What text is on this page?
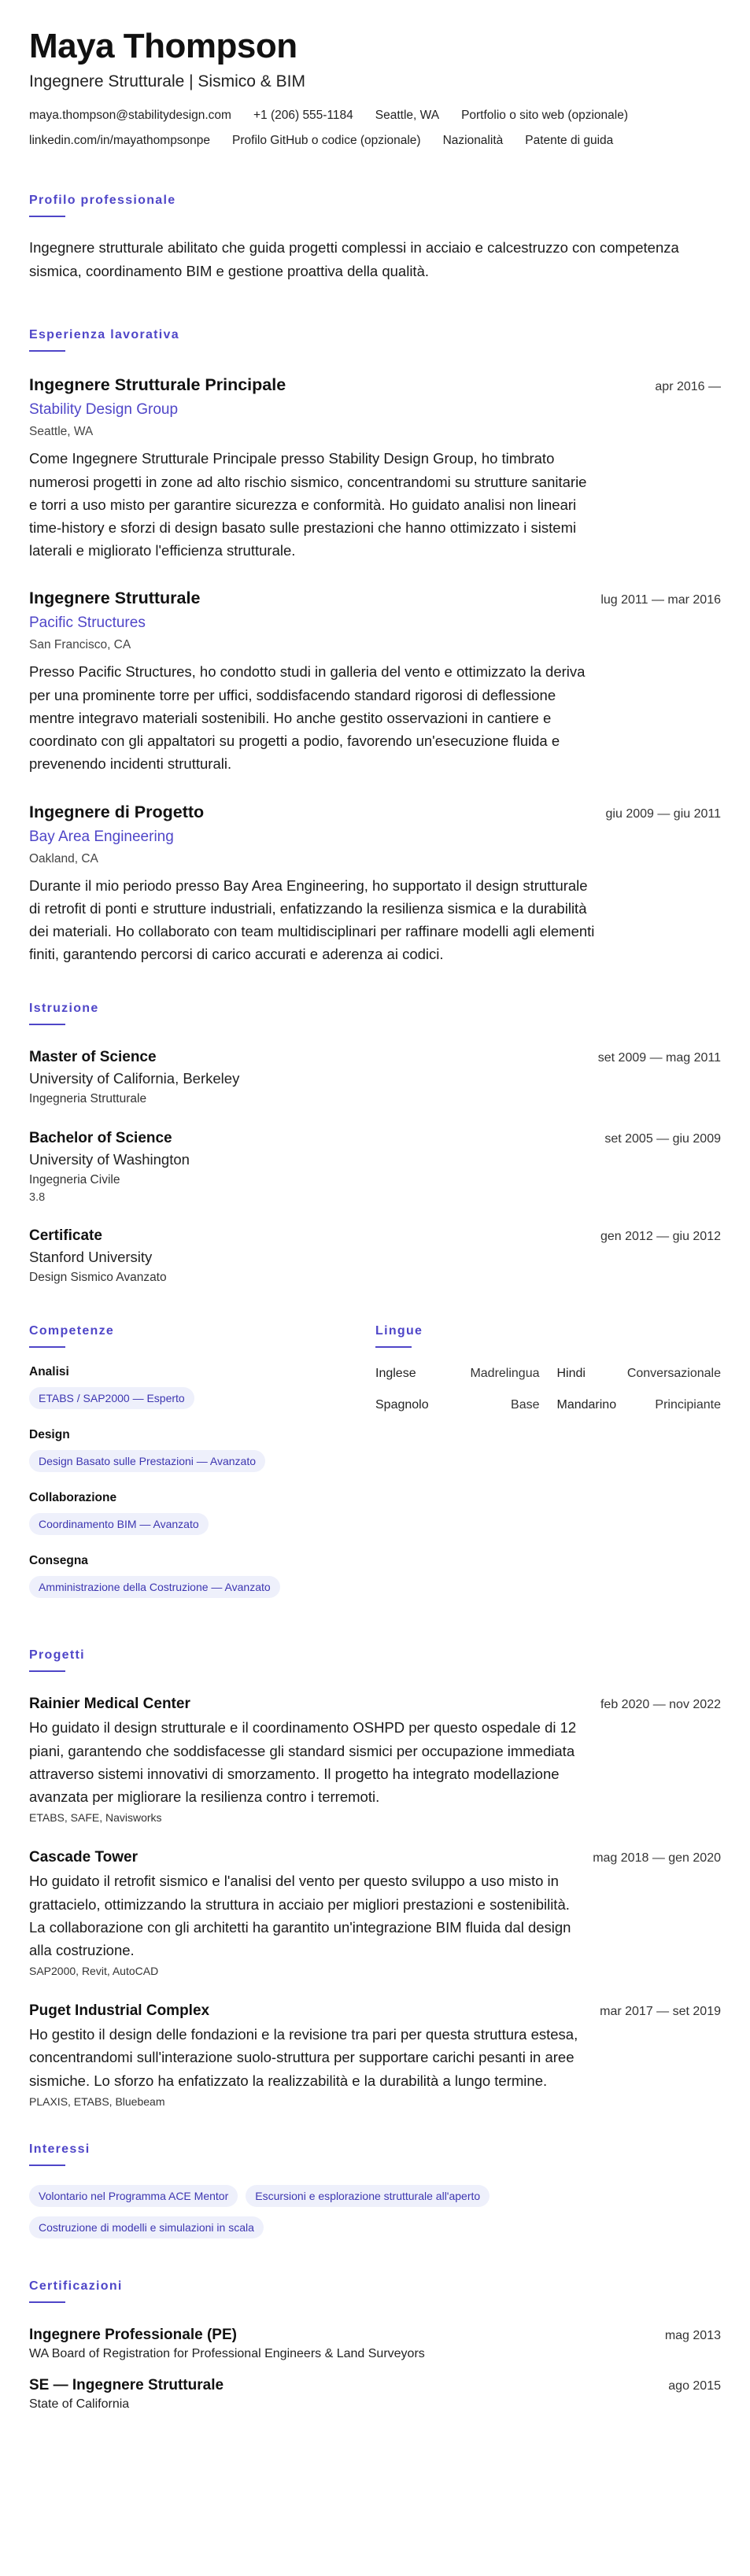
Maya Thompson
Ingegnere Strutturale | Sismico & BIM
maya.thompson@stabilitydesign.com +1 (206) 555-1184 Seattle, WA Portfolio o sito web (opzionale)
linkedin.com/in/mayathompsonpe Profilo GitHub o codice (opzionale) Nazionalità Patente di guida
Profilo professionale

Ingegnere strutturale abilitato che guida progetti complessi in acciaio e calcestruzzo con competenza sismica, coordinamento BIM e gestione proattiva della qualità.

Esperienza lavorativa
Ingegnere Strutturale Principale	apr 2016 —
Stability Design Group
Seattle, WA

Come Ingegnere Strutturale Principale presso Stability Design Group, ho timbrato numerosi progetti in zone ad alto rischio sismico, concentrandomi su strutture sanitarie e torri a uso misto per garantire sicurezza e conformità. Ho guidato analisi non lineari time-history e sforzi di design basato sulle prestazioni che hanno ottimizzato i sistemi laterali e migliorato l'efficienza strutturale.

Ingegnere Strutturale	lug 2011 — mar 2016
Pacific Structures
San Francisco, CA

Presso Pacific Structures, ho condotto studi in galleria del vento e ottimizzato la deriva per una prominente torre per uffici, soddisfacendo standard rigorosi di deflessione mentre integravo materiali sostenibili. Ho anche gestito osservazioni in cantiere e coordinato con gli appaltatori su progetti a podio, favorendo un'esecuzione fluida e prevenendo incidenti strutturali.

Ingegnere di Progetto	giu 2009 — giu 2011
Bay Area Engineering
Oakland, CA

Durante il mio periodo presso Bay Area Engineering, ho supportato il design strutturale di retrofit di ponti e strutture industriali, enfatizzando la resilienza sismica e la durabilità dei materiali. Ho collaborato con team multidisciplinari per raffinare modelli agli elementi finiti, garantendo percorsi di carico accurati e aderenza ai codici.

Istruzione
Master of Science	set 2009 — mag 2011
University of California, Berkeley
Ingegneria Strutturale
Bachelor of Science	set 2005 — giu 2009
University of Washington
Ingegneria Civile
3.8
Certificate	gen 2012 — giu 2012
Stanford University
Design Sismico Avanzato
Competenze
Analisi
ETABS / SAP2000 — Esperto
Design
Design Basato sulle Prestazioni — Avanzato
Collaborazione
Coordinamento BIM — Avanzato
Consegna
Amministrazione della Costruzione — Avanzato
Lingue
Inglese	Madrelingua Hindi	Conversazionale
Spagnolo	Base Mandarino	Principiante
Progetti
Rainier Medical Center	feb 2020 — nov 2022

Ho guidato il design strutturale e il coordinamento OSHPD per questo ospedale di 12 piani, garantendo che soddisfacesse gli standard sismici per occupazione immediata attraverso sistemi innovativi di smorzamento. Il progetto ha integrato modellazione avanzata per migliorare la resilienza contro i terremoti.

ETABS, SAFE, Navisworks
Cascade Tower	mag 2018 — gen 2020

Ho guidato il retrofit sismico e l'analisi del vento per questo sviluppo a uso misto in grattacielo, ottimizzando la struttura in acciaio per migliori prestazioni e sostenibilità. La collaborazione con gli architetti ha garantito un'integrazione BIM fluida dal design alla costruzione.

SAP2000, Revit, AutoCAD
Puget Industrial Complex	mar 2017 — set 2019

Ho gestito il design delle fondazioni e la revisione tra pari per questa struttura estesa, concentrandomi sull'interazione suolo-struttura per supportare carichi pesanti in aree sismiche. Lo sforzo ha enfatizzato la realizzabilità e la durabilità a lungo termine.

PLAXIS, ETABS, Bluebeam
Interessi
Volontario nel Programma ACE Mentor	Escursioni e esplorazione strutturale all'aperto
Costruzione di modelli e simulazioni in scala
Certificazioni
Ingegnere Professionale (PE)	mag 2013
WA Board of Registration for Professional Engineers & Land Surveyors
SE — Ingegnere Strutturale	ago 2015
State of California
